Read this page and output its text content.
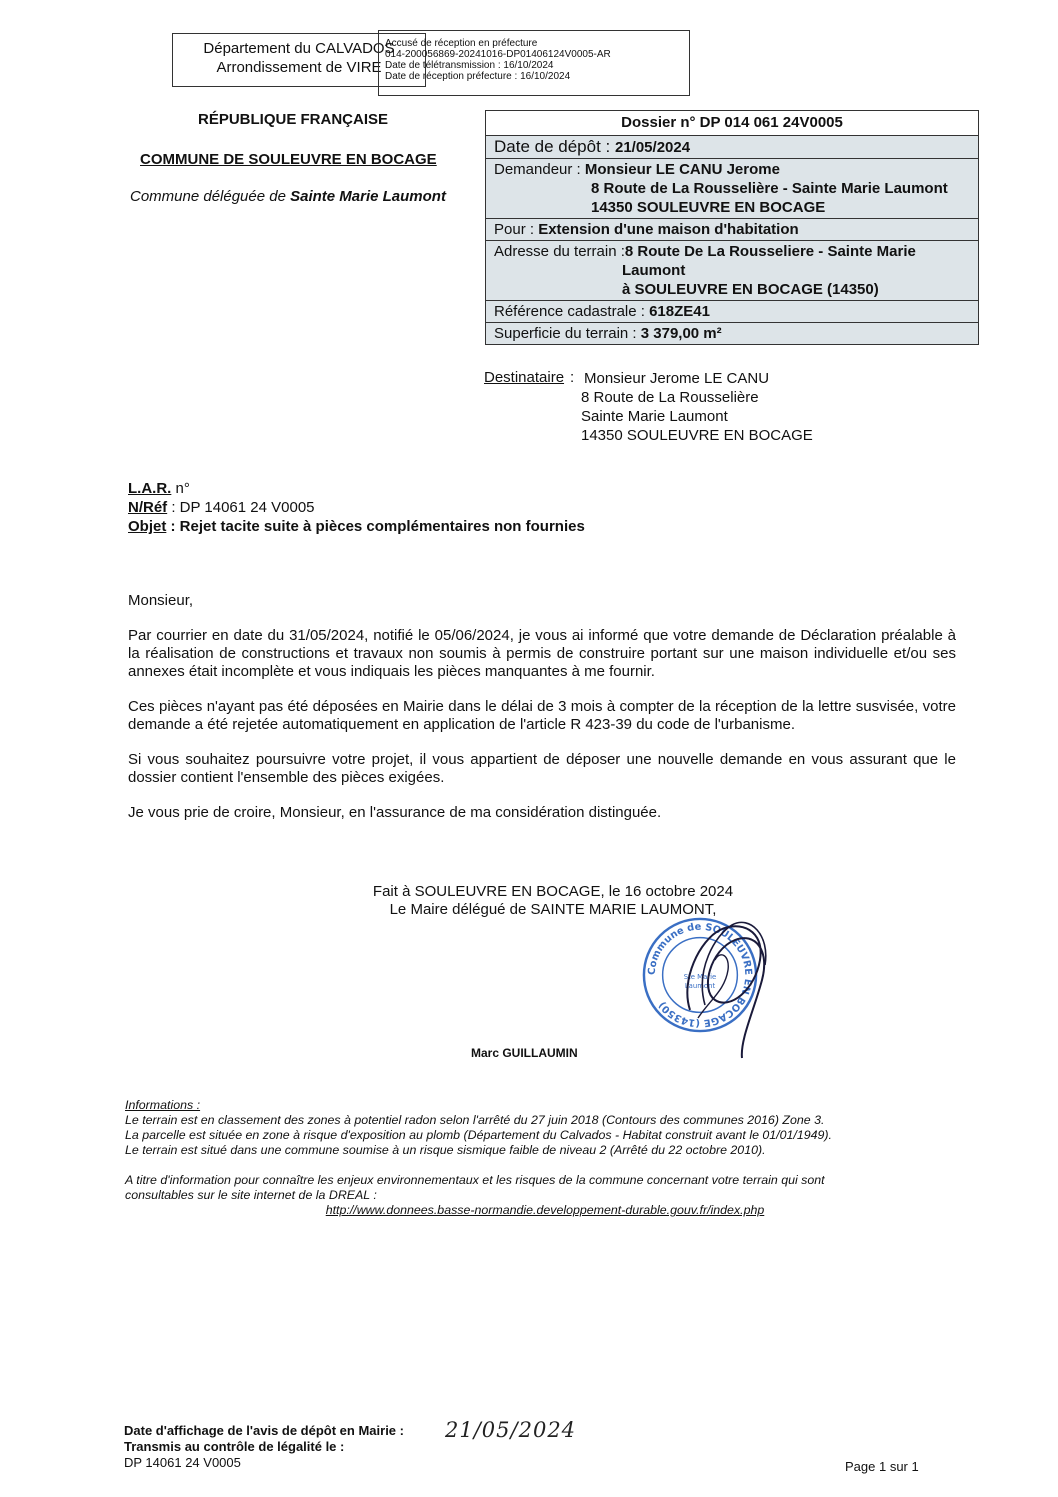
Département du CALVADOS
Arrondissement de VIRE
Accusé de réception en préfecture
014-200056869-20241016-DP01406124V0005-AR
Date de télétransmission : 16/10/2024
Date de réception préfecture : 16/10/2024
RÉPUBLIQUE FRANÇAISE
COMMUNE DE SOULEUVRE EN BOCAGE
Commune déléguée de Sainte Marie Laumont
Dossier n° DP 014 061 24V0005
Date de dépôt : 21/05/2024
Demandeur : Monsieur LE CANU Jerome
8 Route de La Rousselière - Sainte Marie Laumont
14350 SOULEUVRE EN BOCAGE
Pour : Extension d'une maison d'habitation
Adresse du terrain :8 Route De La Rousseliere - Sainte Marie
Laumont
à SOULEUVRE EN BOCAGE (14350)
Référence cadastrale : 618ZE41
Superficie du terrain : 3 379,00 m²
Destinataire : Monsieur Jerome LE CANU
8 Route de La Rousselière
Sainte Marie Laumont
14350 SOULEUVRE EN BOCAGE
L.A.R. n°
N/Réf : DP 14061 24 V0005
Objet : Rejet tacite suite à pièces complémentaires non fournies

Monsieur,

Par courrier en date du 31/05/2024, notifié le 05/06/2024, je vous ai informé que votre demande de Déclaration préalable à la réalisation de constructions et travaux non soumis à permis de construire portant sur une maison individuelle et/ou ses annexes était incomplète et vous indiquais les pièces manquantes à me fournir.

Ces pièces n'ayant pas été déposées en Mairie dans le délai de 3 mois à compter de la réception de la lettre susvisée, votre demande a été rejetée automatiquement en application de l'article R 423-39 du code de l'urbanisme.

Si vous souhaitez poursuivre votre projet, il vous appartient de déposer une nouvelle demande en vous assurant que le dossier contient l'ensemble des pièces exigées.

Je vous prie de croire, Monsieur, en l'assurance de ma considération distinguée.

Fait à SOULEUVRE EN BOCAGE, le 16 octobre 2024
Le Maire délégué de SAINTE MARIE LAUMONT,
Commune de SOULEUVRE EN BOCAGE (14350)
Ste Marie
Laumont
Marc GUILLAUMIN
Informations :
Le terrain est en classement des zones à potentiel radon selon l'arrêté du 27 juin 2018 (Contours des communes 2016) Zone 3.
La parcelle est située en zone à risque d'exposition au plomb (Département du Calvados - Habitat construit avant le 01/01/1949).
Le terrain est situé dans une commune soumise à un risque sismique faible de niveau 2 (Arrêté du 22 octobre 2010).
A titre d'information pour connaître les enjeux environnementaux et les risques de la commune concernant votre terrain qui sont
consultables sur le site internet de la DREAL :
http://www.donnees.basse-normandie.developpement-durable.gouv.fr/index.php
Date d'affichage de l'avis de dépôt en Mairie :
Transmis au contrôle de légalité le :
DP 14061 24 V0005
21/05/2024
Page 1 sur 1
